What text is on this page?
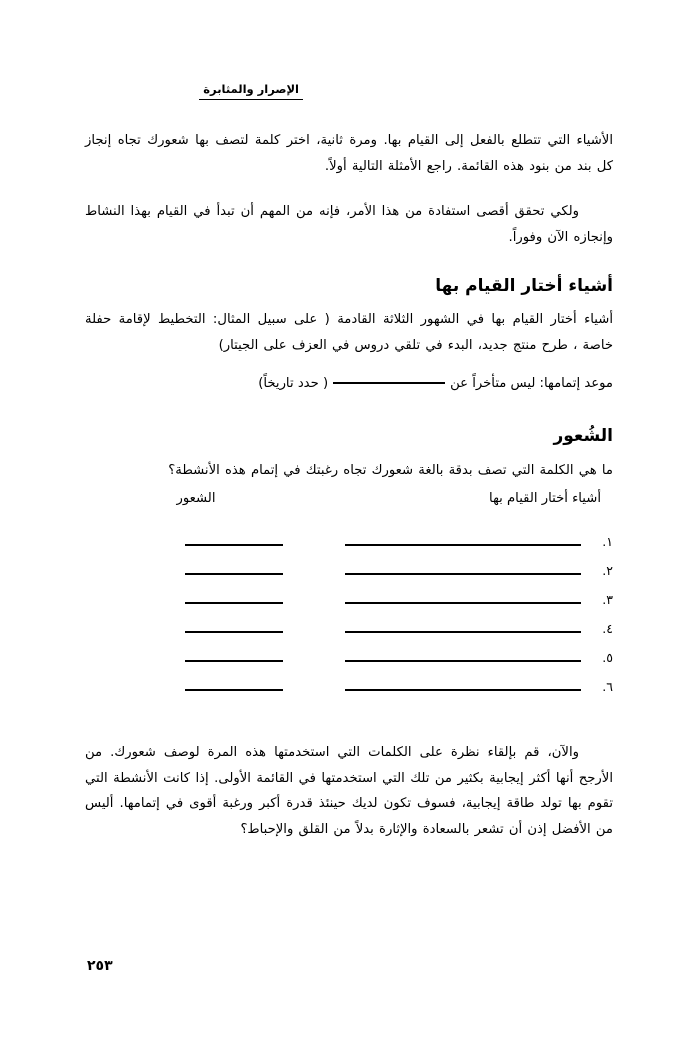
الإصرار والمثابرة

الأشياء التي تتطلع بالفعل إلى القيام بها. ومرة ثانية، اختر كلمة لتصف بها شعورك تجاه إنجاز كل بند من بنود هذه القائمة. راجع الأمثلة التالية أولاً.

ولكي تحقق أقصى استفادة من هذا الأمر، فإنه من المهم أن تبدأ في القيام بهذا النشاط وإنجازه الآن وفوراً.

أشياء أختار القيام بها

أشياء أختار القيام بها في الشهور الثلاثة القادمة ( على سبيل المثال: التخطيط لإقامة حفلة خاصة ، طرح منتج جديد، البدء في تلقي دروس في العزف على الجيتار)

موعد إتمامها: ليس متأخراً عن( حدد تاريخاً)
الشُعور

ما هي الكلمة التي تصف بدقة بالغة شعورك تجاه رغبتك في إتمام هذه الأنشطة؟

أشياء أختار القيام بها
الشعور
١.
٢.
٣.
٤.
٥.
٦.

والآن، قم بإلقاء نظرة على الكلمات التي استخدمتها هذه المرة لوصف شعورك. من الأرجح أنها أكثر إيجابية بكثير من تلك التي استخدمتها في القائمة الأولى. إذا كانت الأنشطة التي تقوم بها تولد طاقة إيجابية، فسوف تكون لديك حينئذ قدرة أكبر ورغبة أقوى في إتمامها. أليس من الأفضل إذن أن تشعر بالسعادة والإثارة بدلاً من القلق والإحباط؟

٢٥٣
